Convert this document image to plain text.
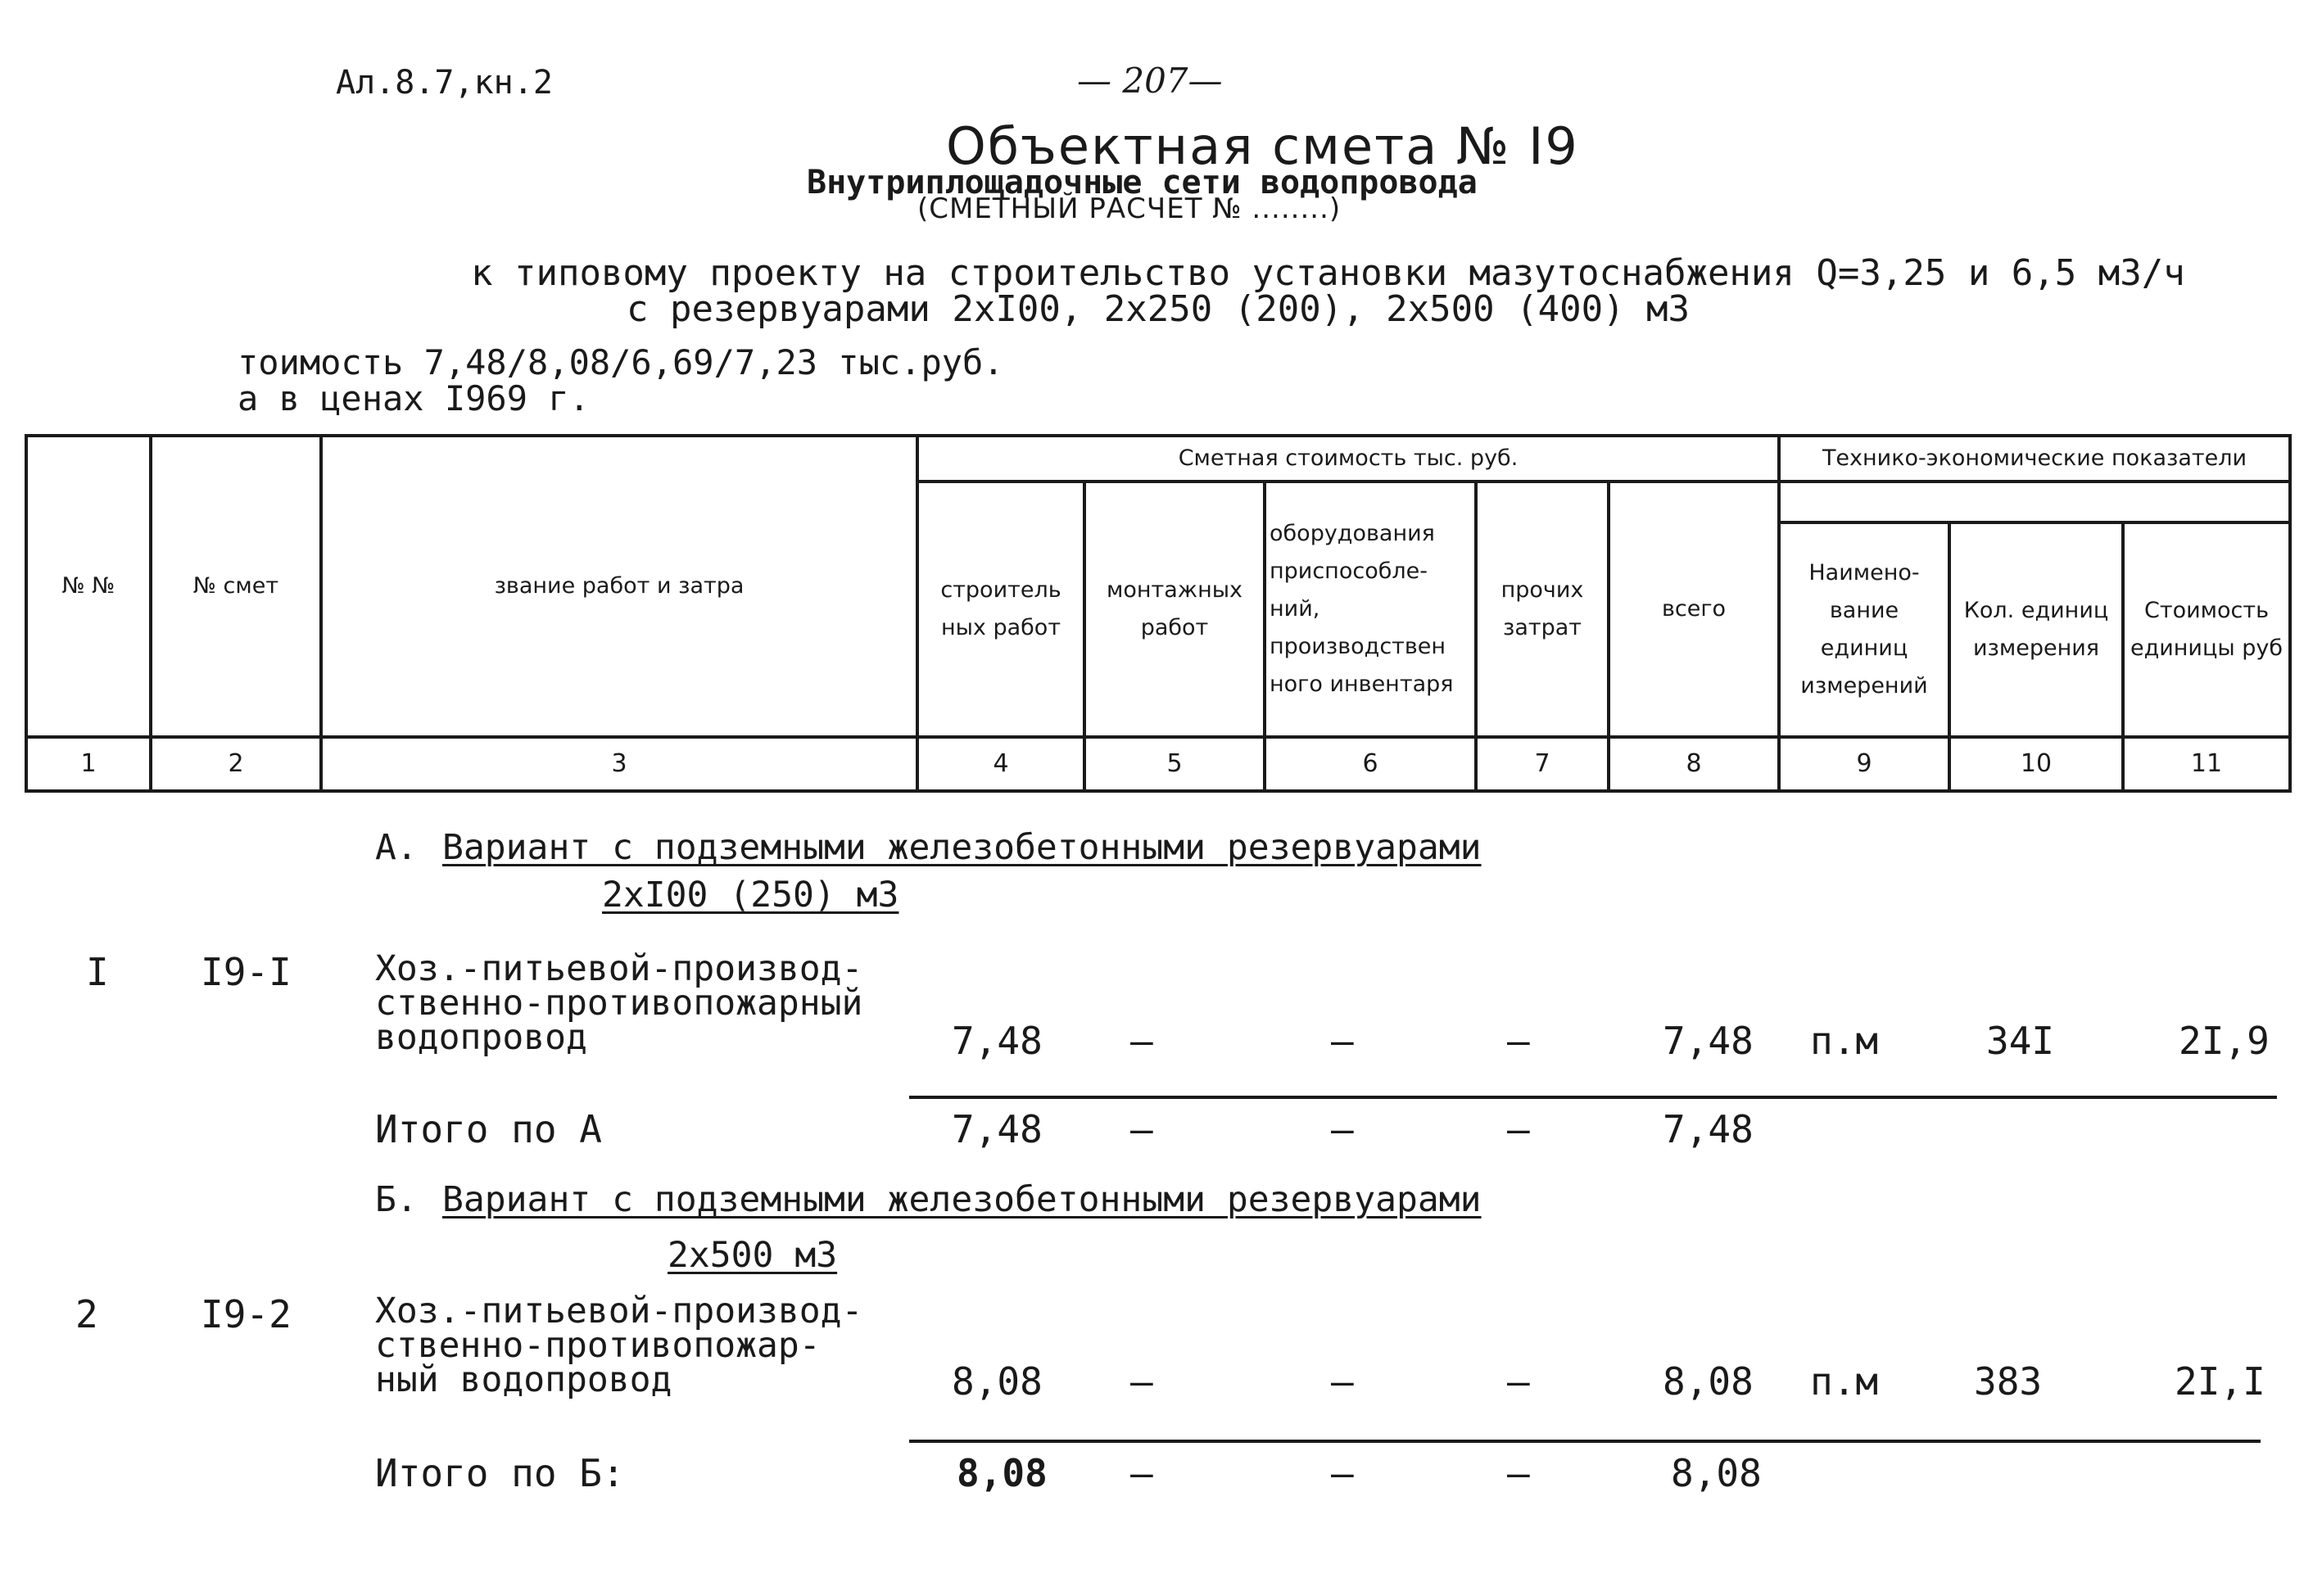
Ал.8.7,кн.2	— 207—
Объектная смета № I9
Внутриплощадочные сети водопровода
(СМЕТНЫЙ РАСЧЕТ № ........)
к типовому проекту на строительство установки мазутоснабжения Q=3,25 и 6,5 м3/ч
с резервуарами 2хI00, 2х250 (200), 2х500 (400) м3
тоимость 7,48/8,08/6,69/7,23 тыс.руб.
а в ценах I969 г.
№ №	№ смет	звание работ и затра	Сметная стоимость тыс. руб.					Технико-экономические показатели		
			строитель ных работ	монтажных работ	оборудования приспособле- ний, производствен ного инвентаря	прочих затрат	всего			
								Наимено- вание единиц измерений	Кол. единиц измерения	Стоимость единицы руб
1	2	3	4	5	6	7	8	9	10	11
А. Вариант с подземными железобетонными резервуарами
2хI00 (250) м3
I I9-I Хоз.-питьевой-производ-
ственно-противопожарный
водопровод	7,48 –	–	–	7,48 п.м	34I	2I,9
Итого по А	7,48 –	–	–	7,48
Б. Вариант с подземными железобетонными резервуарами
2х500 м3
2	I9-2 Хоз.-питьевой-производ-
ственно-противопожар-
ный водопровод	8,08 –	–	–	8,08 п.м	383	2I,I
Итого по Б:	8,08 –	–	–	8,08
